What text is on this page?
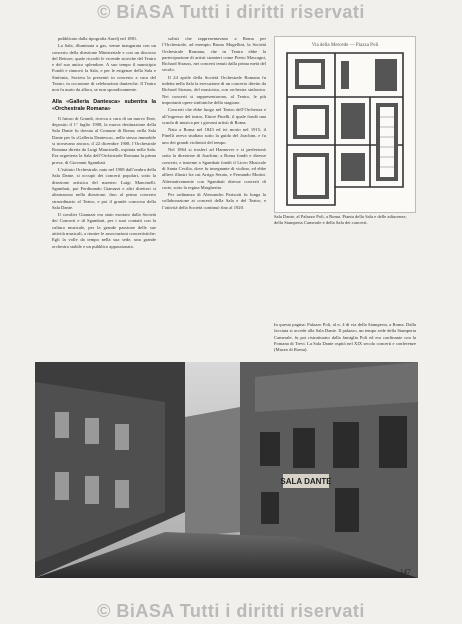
© BiASA Tutti i diritti riservati

pubblicato dalla tipografia Aurelj nel 1881.

La Sala, illuminata a gas, venne inaugurata con un concerto della direzione Ministeriale e con un discorso del Rettore, quale ricordò le vicende storiche del Teatro e del suo antico splendore. A suo tempo il municipio Fondò e rinnovò la Sala, e per le esigenze della Sala e Sinfonia, Societa la presentò in concerto a cura del Teatro, in occasione di celebrazioni dantesche. Il Teatro non fu usato da allora, se non sporadicamente.

Alla «Galleria Dantesca» subentra la «Orchestrale Romana»

Il futuro di Grandi, ricerca a cura di un nuovo Ente, deposito il 1° luglio 1908, la nuova destinazione della Sala Dante fu dovuta al Comune di Roma; nella Sala Dante per la «Galleria Dantesca», nello stesso immobile si trovavano ancora, il 22 dicembre 1908, l’Orchestrale Romana diretta da Luigi Mancinelli, ospitata nella Sala. Era segreteria la Sala dell’Orchestrale Romana la prima prova, di Giovanni Sgambati.

L’istituto Orchestrale, nato nel 1908 dall’ombra della Sala Dante, si occupò dei concerti popolari, sotto la direzione artistica del maestro Luigi Mancinelli. Sgambati, poi Ferdinando Gianuzzi e altri direttori si alternarono nella direzione, fino al primo concerto straordinario al Teatro, e poi il grande concorso della Sala Dante.

Il cavalier Gianuzzi era stato esortato dalla Società dei Concerti e di Sgambati, per i suoi contatti con la cultura musicale, per la grande passione delle sue attività musicali, a riunire le associazioni concertistiche: Egli la volle da tempo nella sua sede, una grande orchestra stabile e un pubblico appassionato.

solisti che rappresentavano a Roma per l’Orchestrale, ad esempio Bruno Mugellini, la Società Orchestrale Romana, che in Teatro ebbe la partecipazione di artisti stranieri come Pietro Mascagni, Richard Strauss, nei concerti tenuti dalla prima metà del secolo.

Il 24 aprile della Società Orchestrale Romana fu indetta nella Sala la esecuzione di un concerto diretto da Richard Strauss, del musicista, con orchestra sinfonica. Nei concerti si rappresentarono, al Teatro, le più importanti opere sinfoniche della stagione.

Concerti che ebbe luogo nel Teatro dell’Orchestra e all’ingresso del teatro, Ettore Pinelli, il quale fondò una scuola di musica per i giovani artisti di Roma.

Nato a Roma nel 1843 ed ivi morto nel 1915, il Pinelli aveva studiato sotto la guida del Joachim, e fu uno dei grandi violinisti del tempo.

Nel 1864 si trasferì ad Hannover e si perfezionò sotto la direzione di Joachim; a Roma fondò e diresse concerti, e insieme a Sgambati fondò il Liceo Musicale di Santa Cecilia, dove fu insegnante di violino, ed ebbe allievi illustri fra cui Arrigo Serato, e Fernando Morini. Alternativamente con Sgambati diresse concerti di corte, sotto la regina Margherita.

Per ordinanza di Alessandro Parisotti fu lunga la collaborazione ai concerti della Sala e del Teatro, e l’attività della Società continuò fino al 1920.

Via della Mercede — Piazza Poli
Sala Dante, al Palazzo Poli, a Roma. Pianta della Sala e delle adiacenze, della Stamperia Camerale e della Sala dei concerti.
In questa pagina: Palazzo Poli, al n. 4 di via della Stamperia, a Roma. Dalla facciata si accede alla Sala Dante. Il palazzo, un tempo sede della Stamperia Camerale, fu poi ristrutturato dalla famiglia Poli ed era confinante con la Fontana di Trevi. La Sala Dante ospitò nel XIX secolo concerti e conferenze (Museo di Roma).
SALA DANTE
147
© BiASA Tutti i diritti riservati
